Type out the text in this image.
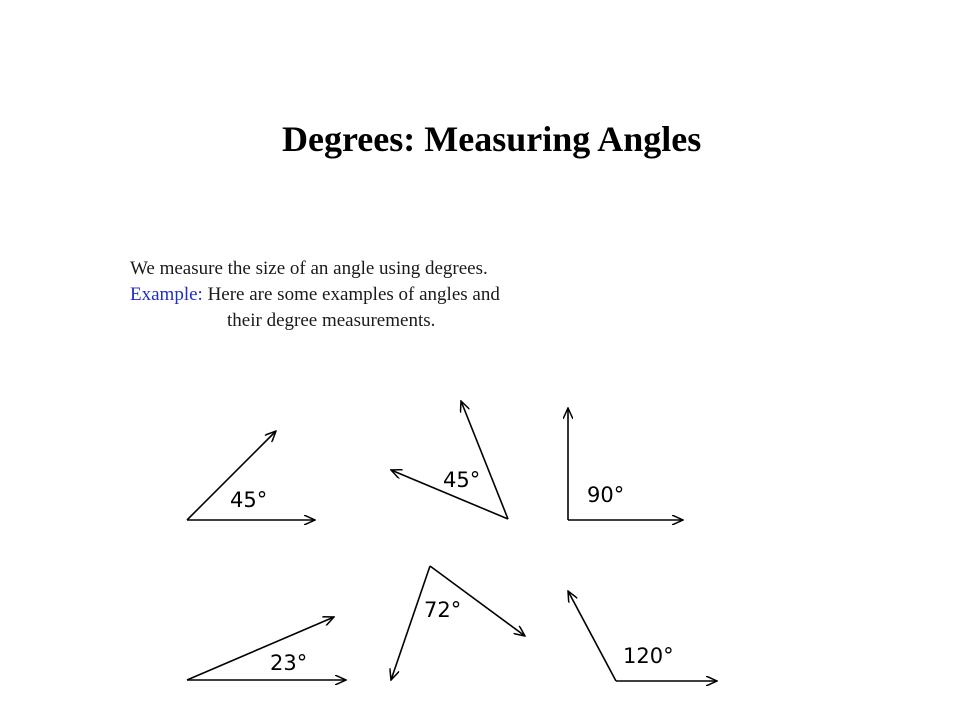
Degrees: Measuring Angles
We measure the size of an angle using degrees.
Example: Here are some examples of angles and
their degree measurements.
45°
45°
90°
23°
72°
120°
